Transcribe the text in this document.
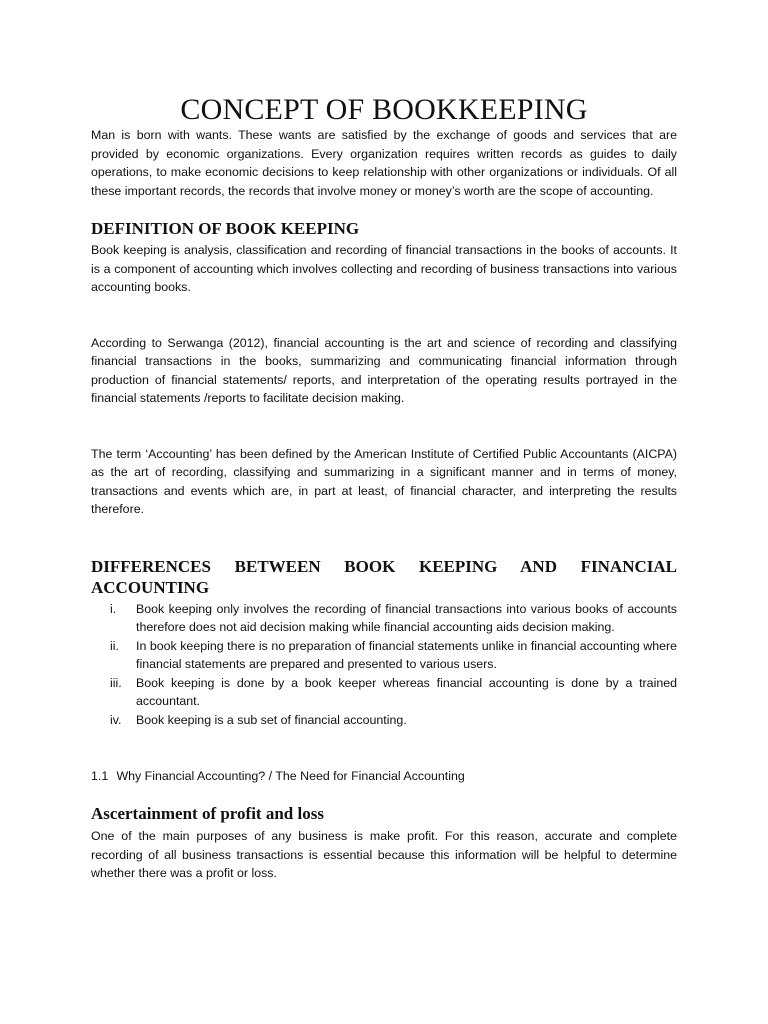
CONCEPT OF BOOKKEEPING

Man is born with wants. These wants are satisfied by the exchange of goods and services that are provided by economic organizations. Every organization requires written records as guides to daily operations, to make economic decisions to keep relationship with other organizations or individuals. Of all these important records, the records that involve money or money’s worth are the scope of accounting.

DEFINITION OF BOOK KEEPING

Book keeping is analysis, classification and recording of financial transactions in the books of accounts. It is a component of accounting which involves collecting and recording of business transactions into various accounting books.

According to Serwanga (2012), financial accounting is the art and science of recording and classifying financial transactions in the books, summarizing and communicating financial information through production of financial statements/ reports, and interpretation of the operating results portrayed in the financial statements /reports to facilitate decision making.

The term ‘Accounting’ has been defined by the American Institute of Certified Public Accountants (AICPA) as the art of recording, classifying and summarizing in a significant manner and in terms of money, transactions and events which are, in part at least, of financial character, and interpreting the results therefore.

DIFFERENCES BETWEEN BOOK KEEPING AND FINANCIAL ACCOUNTING
i.	Book keeping only involves the recording of financial transactions into various books of accounts therefore does not aid decision making while financial accounting aids decision making.
ii.	In book keeping there is no preparation of financial statements unlike in financial accounting where financial statements are prepared and presented to various users.
iii.	Book keeping is done by a book keeper whereas financial accounting is done by a trained accountant.
iv.	Book keeping is a sub set of financial accounting.

1.1 Why Financial Accounting? / The Need for Financial Accounting

Ascertainment of profit and loss

One of the main purposes of any business is make profit. For this reason, accurate and complete recording of all business transactions is essential because this information will be helpful to determine whether there was a profit or loss.
